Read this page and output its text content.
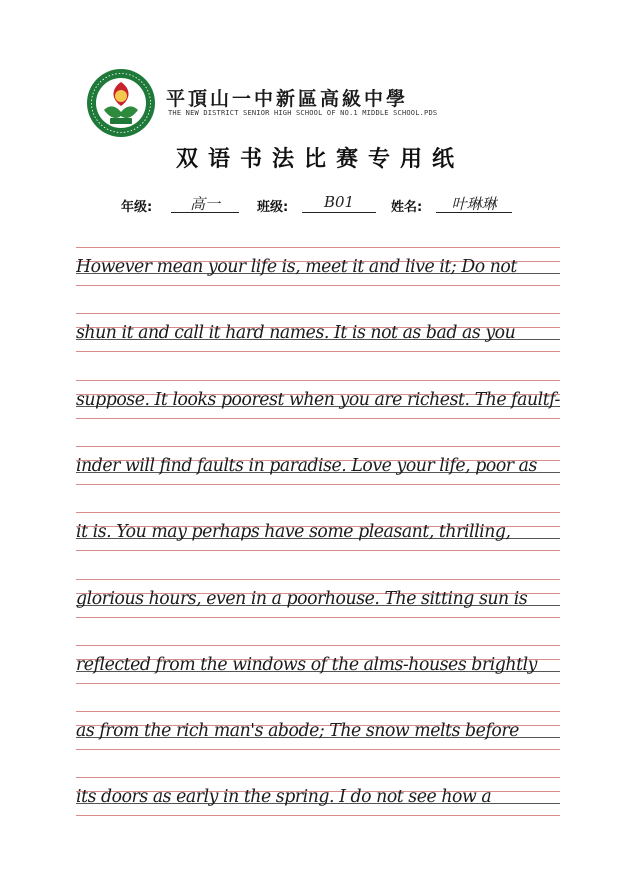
平頂山一中新區高級中學
THE NEW DISTRICT SENIOR HIGH SCHOOL OF NO.1 MIDDLE SCHOOL.PDS
双语书法比赛专用纸
年级:	高一	班级:	B01	姓名:	叶琳琳
However mean your life is, meet it and live it; Do not
shun it and call it hard names. It is not as bad as you
suppose. It looks poorest when you are richest. The faultf-
inder will find faults in paradise. Love your life, poor as
it is. You may perhaps have some pleasant, thrilling,
glorious hours, even in a poorhouse. The sitting sun is
reflected from the windows of the alms-houses brightly
as from the rich man's abode; The snow melts before
its doors as early in the spring. I do not see how a
